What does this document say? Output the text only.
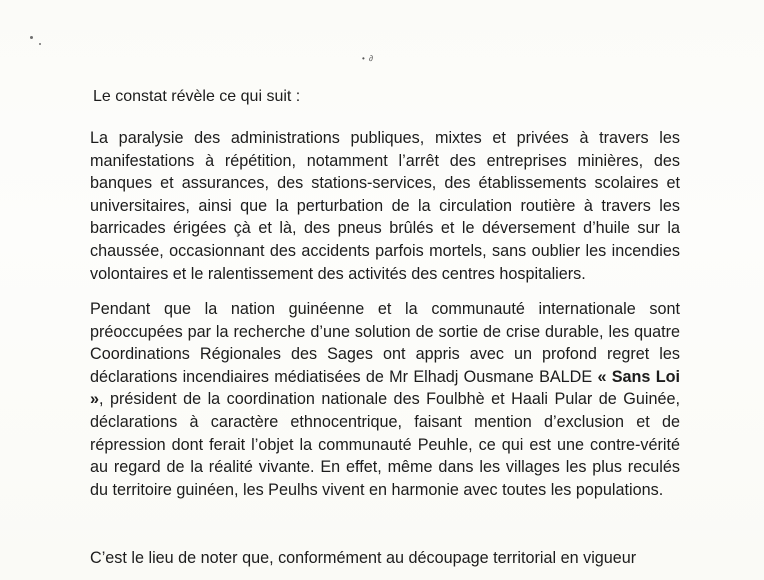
• ∂

Le constat révèle ce qui suit :

La paralysie des administrations publiques, mixtes et privées à travers les manifestations à répétition, notamment l’arrêt des entreprises minières, des banques et assurances, des stations-services, des établissements scolaires et universitaires, ainsi que la perturbation de la circulation routière à travers les barricades érigées çà et là, des pneus brûlés et le déversement d’huile sur la chaussée, occasionnant des accidents parfois mortels, sans oublier les incendies volontaires et le ralentissement des activités des centres hospitaliers.

Pendant que la nation guinéenne et la communauté internationale sont préoccupées par la recherche d’une solution de sortie de crise durable, les quatre Coordinations Régionales des Sages ont appris avec un profond regret les déclarations incendiaires médiatisées de Mr Elhadj Ousmane BALDE « Sans Loi », président de la coordination nationale des Foulbhè et Haali Pular de Guinée, déclarations à caractère ethnocentrique, faisant mention d’exclusion et de répression dont ferait l’objet la communauté Peuhle, ce qui est une contre-vérité au regard de la réalité vivante. En effet, même dans les villages les plus reculés du territoire guinéen, les Peulhs vivent en harmonie avec toutes les populations.

C’est le lieu de noter que, conformément au découpage territorial en vigueur
